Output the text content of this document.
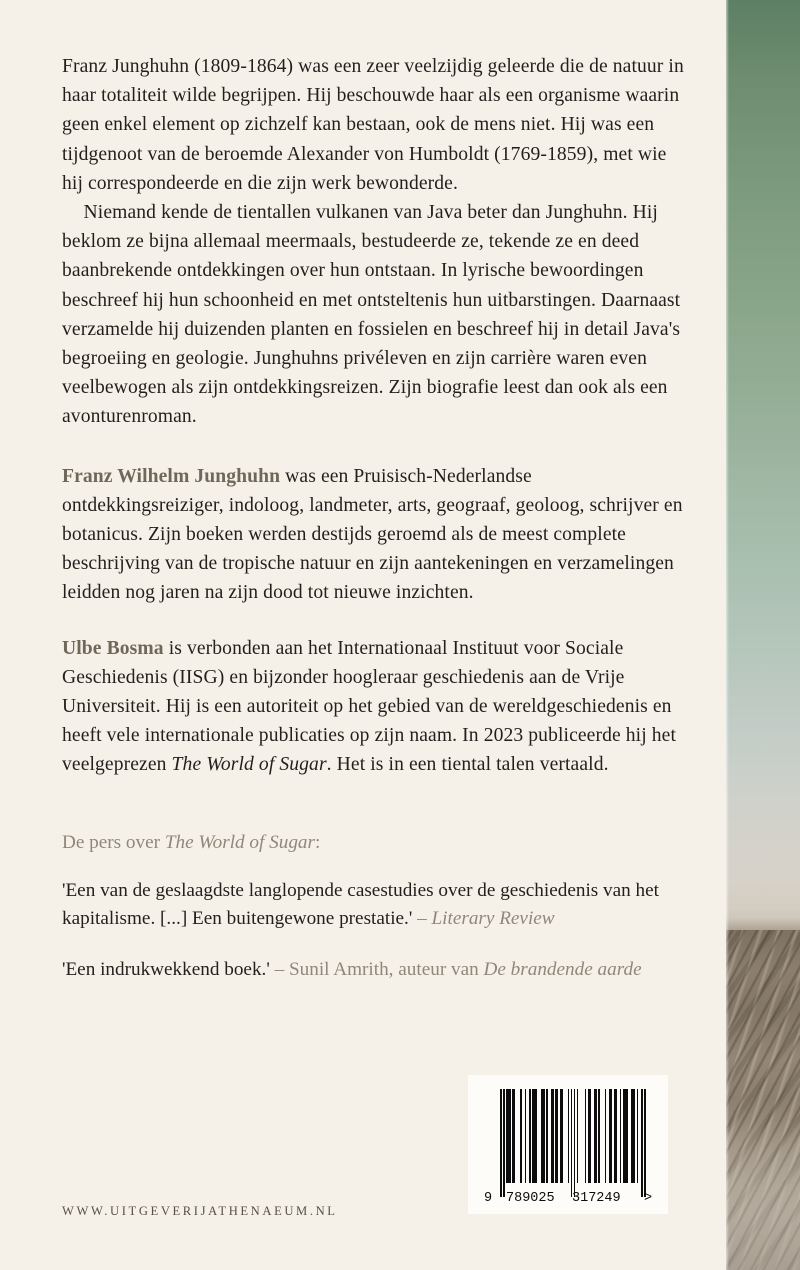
Franz Junghuhn (1809-1864) was een zeer veelzijdig geleerde die de natuur in haar totaliteit wilde begrijpen. Hij beschouwde haar als een organisme waarin geen enkel element op zichzelf kan bestaan, ook de mens niet. Hij was een tijdgenoot van de beroemde Alexander von Humboldt (1769-1859), met wie hij correspondeerde en die zijn werk bewonderde.

Niemand kende de tientallen vulkanen van Java beter dan Junghuhn. Hij beklom ze bijna allemaal meermaals, bestudeerde ze, tekende ze en deed baanbrekende ontdekkingen over hun ontstaan. In lyrische bewoordingen beschreef hij hun schoonheid en met ontsteltenis hun uitbarstingen. Daarnaast verzamelde hij duizenden planten en fossielen en beschreef hij in detail Java's begroeiing en geologie. Junghuhns privéleven en zijn carrière waren even veelbewogen als zijn ontdekkingsreizen. Zijn biografie leest dan ook als een avonturenroman.

Franz Wilhelm Junghuhn was een Pruisisch-Nederlandse ontdekkingsreiziger, indoloog, landmeter, arts, geograaf, geoloog, schrijver en botanicus. Zijn boeken werden destijds geroemd als de meest complete beschrijving van de tropische natuur en zijn aantekeningen en verzamelingen leidden nog jaren na zijn dood tot nieuwe inzichten.

Ulbe Bosma is verbonden aan het Internationaal Instituut voor Sociale Geschiedenis (IISG) en bijzonder hoogleraar geschiedenis aan de Vrije Universiteit. Hij is een autoriteit op het gebied van de wereldgeschiedenis en heeft vele internationale publicaties op zijn naam. In 2023 publiceerde hij het veelgeprezen The World of Sugar. Het is in een tiental talen vertaald.

De pers over The World of Sugar:

'Een van de geslaagdste langlopende casestudies over de geschiedenis van het kapitalisme. [...] Een buitengewone prestatie.' – Literary Review

'Een indrukwekkend boek.' – Sunil Amrith, auteur van De brandende aarde

WWW.UITGEVERIJATHENAEUM.NL
9 789025 317249 >
